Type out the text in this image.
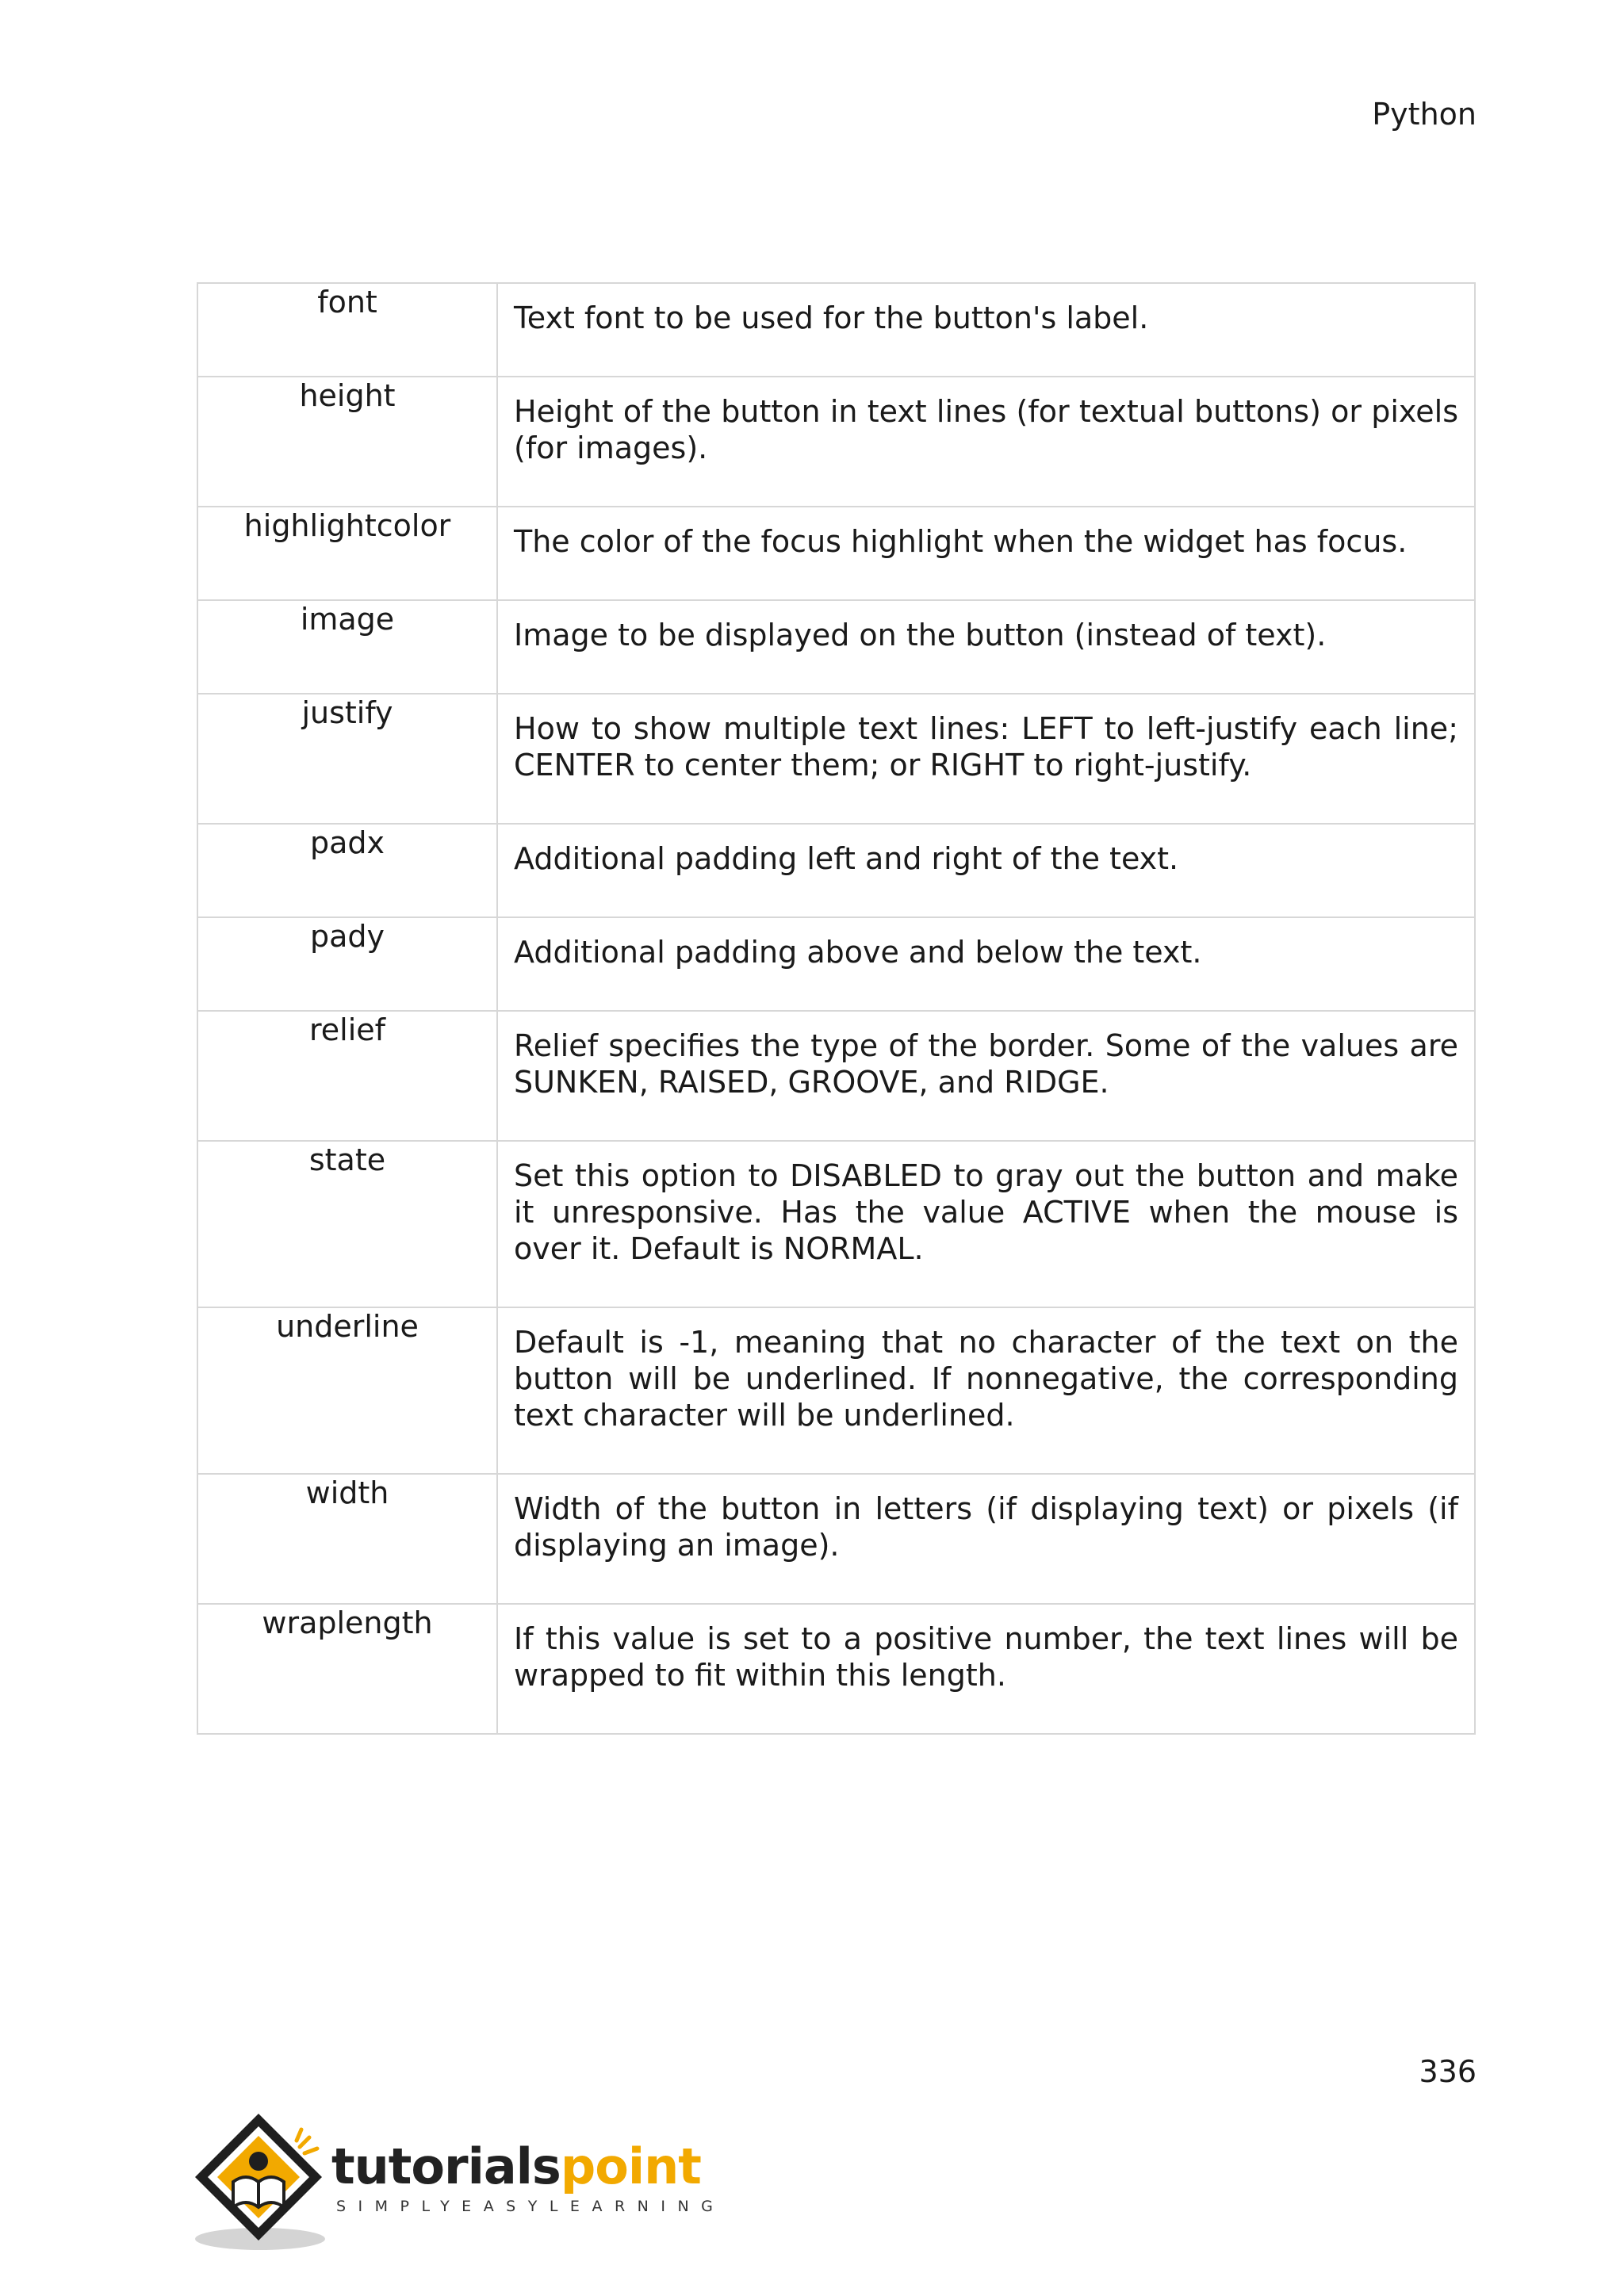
Python
font	Text font to be used for the button's label.
height	Height of the button in text lines (for textual buttons) or pixels (for images).
highlightcolor	The color of the focus highlight when the widget has focus.
image	Image to be displayed on the button (instead of text).
justify	How to show multiple text lines: LEFT to left-justify each line; CENTER to center them; or RIGHT to right-justify.
padx	Additional padding left and right of the text.
pady	Additional padding above and below the text.
relief	Relief specifies the type of the border. Some of the values are SUNKEN, RAISED, GROOVE, and RIDGE.
state	Set this option to DISABLED to gray out the button and make it unresponsive. Has the value ACTIVE when the mouse is over it. Default is NORMAL.
underline	Default is -1, meaning that no character of the text on the button will be underlined. If nonnegative, the corresponding text character will be underlined.
width	Width of the button in letters (if displaying text) or pixels (if displaying an image).
wraplength	If this value is set to a positive number, the text lines will be wrapped to fit within this length.
336
tutorialspoint
SIMPLYEASYLEARNING
